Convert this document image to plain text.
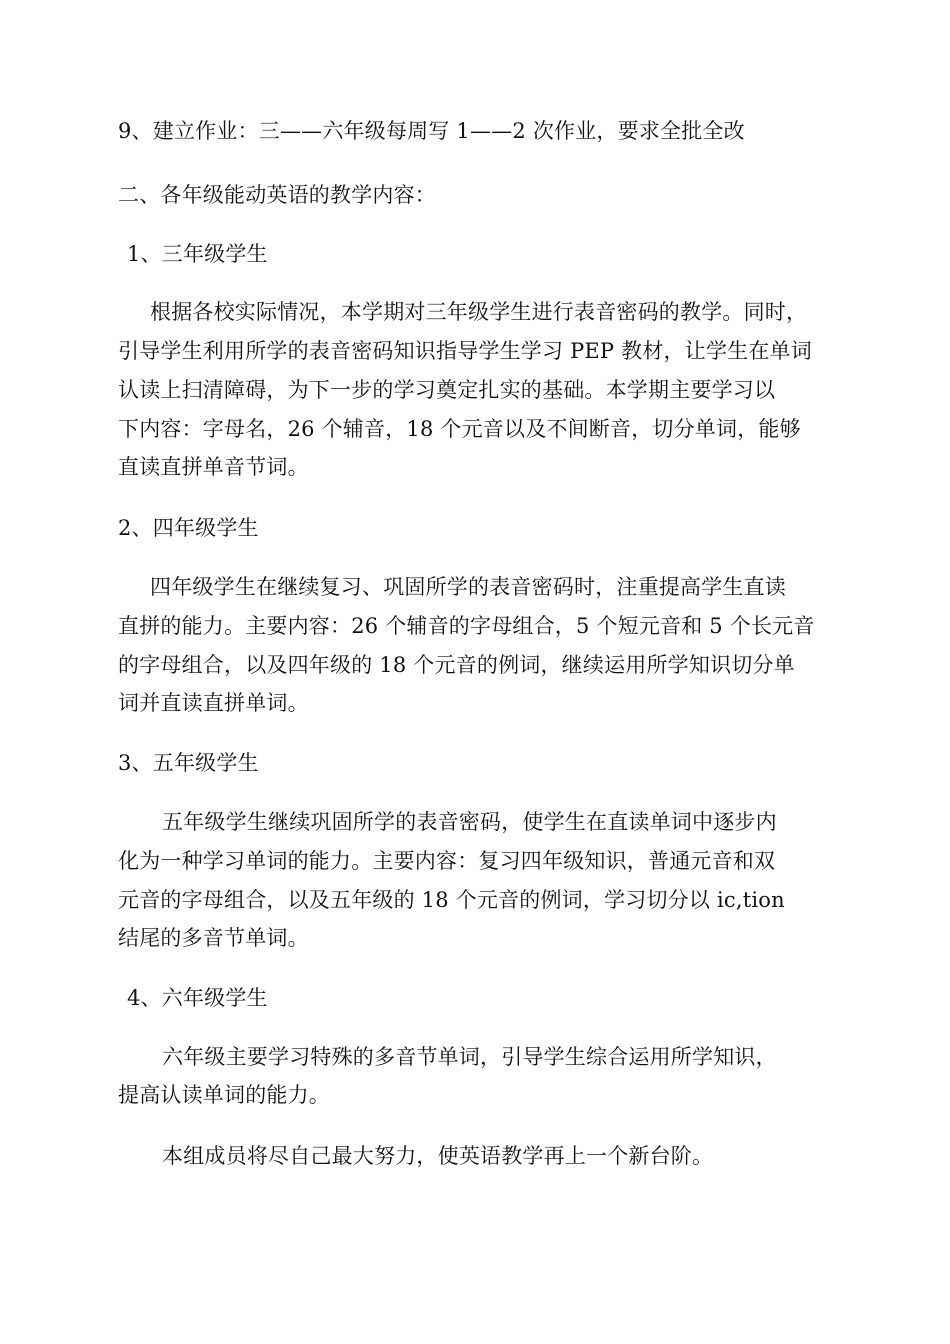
9、建立作业：三——六年级每周写 1——2 次作业，要求全批全改
二、各年级能动英语的教学内容：
1、三年级学生
根据各校实际情况，本学期对三年级学生进行表音密码的教学。同时，
引导学生利用所学的表音密码知识指导学生学习 PEP 教材，让学生在单词
认读上扫清障碍，为下一步的学习奠定扎实的基础。本学期主要学习以
下内容：字母名，26 个辅音，18 个元音以及不间断音，切分单词，能够
直读直拼单音节词。
2、四年级学生
四年级学生在继续复习、巩固所学的表音密码时，注重提高学生直读
直拼的能力。主要内容：26 个辅音的字母组合，5 个短元音和 5 个长元音
的字母组合，以及四年级的 18 个元音的例词，继续运用所学知识切分单
词并直读直拼单词。
3、五年级学生
五年级学生继续巩固所学的表音密码，使学生在直读单词中逐步内
化为一种学习单词的能力。主要内容：复习四年级知识，普通元音和双
元音的字母组合，以及五年级的 18 个元音的例词，学习切分以 ic,tion
结尾的多音节单词。
4、六年级学生
六年级主要学习特殊的多音节单词，引导学生综合运用所学知识，
提高认读单词的能力。
本组成员将尽自己最大努力，使英语教学再上一个新台阶。
